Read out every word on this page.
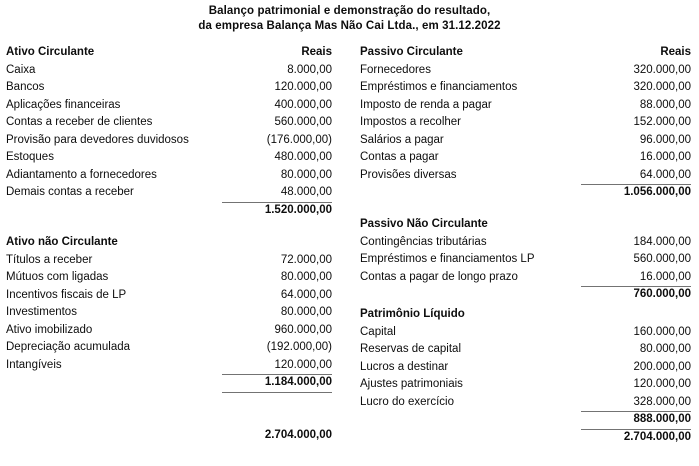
Balanço patrimonial e demonstração do resultado,
da empresa Balança Mas Não Cai Ltda., em 31.12.2022
Ativo Circulante	Reais
Caixa	8.000,00
Bancos	120.000,00
Aplicações financeiras	400.000,00
Contas a receber de clientes	560.000,00
Provisão para devedores duvidosos	(176.000,00)
Estoques	480.000,00
Adiantamento a fornecedores	80.000,00
Demais contas a receber	48.000,00
1.520.000,00
Ativo não Circulante
Títulos a receber	72.000,00
Mútuos com ligadas	80.000,00
Incentivos fiscais de LP	64.000,00
Investimentos	80.000,00
Ativo imobilizado	960.000,00
Depreciação acumulada	(192.000,00)
Intangíveis	120.000,00
1.184.000,00
2.704.000,00
Passivo Circulante	Reais
Fornecedores	320.000,00
Empréstimos e financiamentos	320.000,00
Imposto de renda a pagar	88.000,00
Impostos a recolher	152.000,00
Salários a pagar	96.000,00
Contas a pagar	16.000,00
Provisões diversas	64.000,00
1.056.000,00
Passivo Não Circulante
Contingências tributárias	184.000,00
Empréstimos e financiamentos LP	560.000,00
Contas a pagar de longo prazo	16.000,00
760.000,00
Patrimônio Líquido
Capital	160.000,00
Reservas de capital	80.000,00
Lucros a destinar	200.000,00
Ajustes patrimoniais	120.000,00
Lucro do exercício	328.000,00
888.000,00
2.704.000,00
